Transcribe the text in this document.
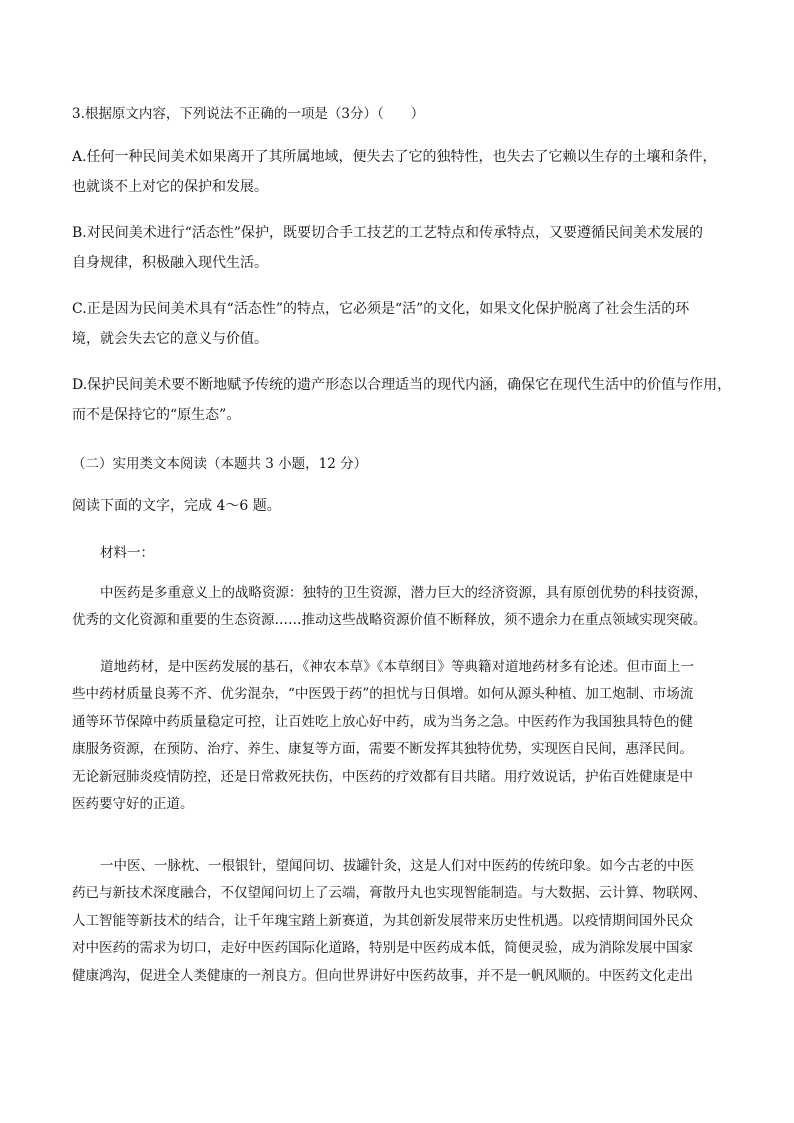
3.根据原文内容，下列说法不正确的一项是（3分）（　　）

A.任何一种民间美术如果离开了其所属地域，便失去了它的独特性，也失去了它赖以生存的土壤和条件，

也就谈不上对它的保护和发展。

B.对民间美术进行“活态性”保护，既要切合手工技艺的工艺特点和传承特点，又要遵循民间美术发展的

自身规律，积极融入现代生活。

C.正是因为民间美术具有“活态性”的特点，它必须是“活”的文化，如果文化保护脱离了社会生活的环

境，就会失去它的意义与价值。

D.保护民间美术要不断地赋予传统的遗产形态以合理适当的现代内涵，确保它在现代生活中的价值与作用，

而不是保持它的“原生态”。

（二）实用类文本阅读（本题共 3 小题，12 分）
阅读下面的文字，完成 4～6 题。
材料一：

中医药是多重意义上的战略资源：独特的卫生资源，潜力巨大的经济资源，具有原创优势的科技资源，

优秀的文化资源和重要的生态资源……推动这些战略资源价值不断释放，须不遗余力在重点领域实现突破。

道地药材，是中医药发展的基石，《神农本草》《本草纲目》等典籍对道地药材多有论述。但市面上一

些中药材质量良莠不齐、优劣混杂，“中医毁于药”的担忧与日俱增。如何从源头种植、加工炮制、市场流

通等环节保障中药质量稳定可控，让百姓吃上放心好中药，成为当务之急。中医药作为我国独具特色的健

康服务资源，在预防、治疗、养生、康复等方面，需要不断发挥其独特优势，实现医自民间，惠泽民间。

无论新冠肺炎疫情防控，还是日常救死扶伤，中医药的疗效都有目共睹。用疗效说话，护佑百姓健康是中

医药要守好的正道。

一中医、一脉枕、一根银针，望闻问切、拔罐针灸，这是人们对中医药的传统印象。如今古老的中医

药已与新技术深度融合，不仅望闻问切上了云端，膏散丹丸也实现智能制造。与大数据、云计算、物联网、

人工智能等新技术的结合，让千年瑰宝踏上新赛道，为其创新发展带来历史性机遇。以疫情期间国外民众

对中医药的需求为切口，走好中医药国际化道路，特别是中医药成本低，简便灵验，成为消除发展中国家

健康鸿沟，促进全人类健康的一剂良方。但向世界讲好中医药故事，并不是一帆风顺的。中医药文化走出
